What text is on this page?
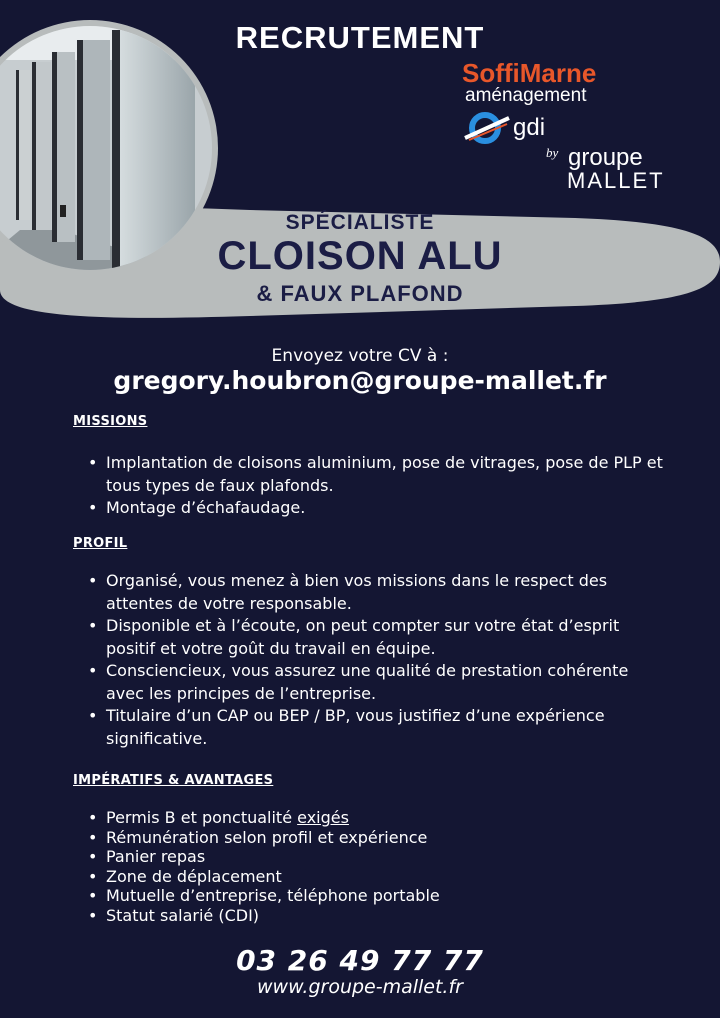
RECRUTEMENT
SoffiMarne
aménagement
gdi
by groupe
MALLET
SPÉCIALISTE
CLOISON ALU
& FAUX PLAFOND
Envoyez votre CV à :
gregory.houbron@groupe-mallet.fr
MISSIONS
• Implantation de cloisons aluminium, pose de vitrages, pose de PLP et tous types de faux plafonds.
• Montage d’échafaudage.
PROFIL
• Organisé, vous menez à bien vos missions dans le respect des attentes de votre responsable.
• Disponible et à l’écoute, on peut compter sur votre état d’esprit positif et votre goût du travail en équipe.
• Consciencieux, vous assurez une qualité de prestation cohérente avec les principes de l’entreprise.
• Titulaire d’un CAP ou BEP / BP, vous justifiez d’une expérience significative.
IMPÉRATIFS & AVANTAGES
• Permis B et ponctualité exigés
• Rémunération selon profil et expérience
• Panier repas
• Zone de déplacement
• Mutuelle d’entreprise, téléphone portable
• Statut salarié (CDI)
03 26 49 77 77
www.groupe-mallet.fr
